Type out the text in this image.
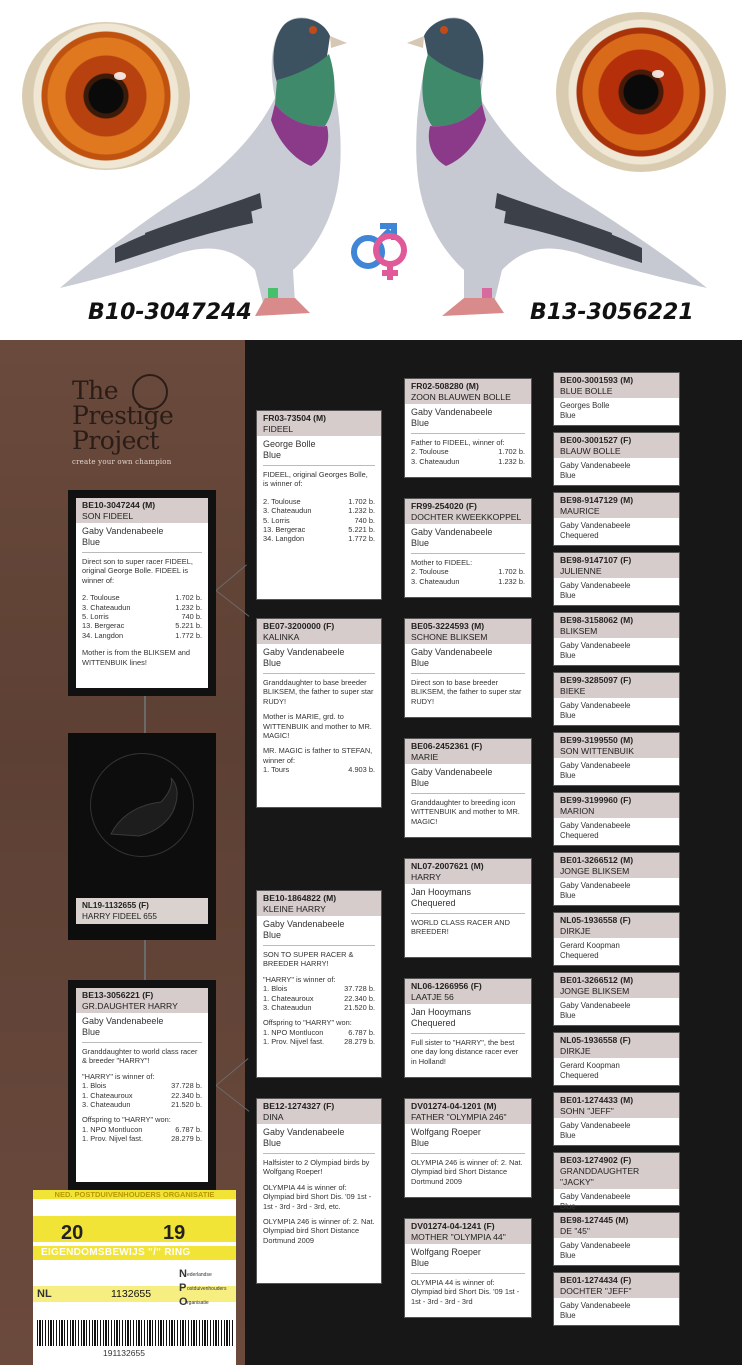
B10-3047244	B13-3056221
The
Prestige
Project
create your own champion
NL19-1132655 (F)
HARRY FIDEEL 655
BE10-3047244 (M)
SON FIDEEL
Gaby Vandenabeele
Blue
Direct son to super racer FIDEEL, original George Bolle. FIDEEL is winner of:
2. Toulouse	1.702 b.
3. Chateaudun	1.232 b.
5. Lorris	740 b.
13. Bergerac	5.221 b.
34. Langdon	1.772 b.
Mother is from the BLIKSEM and WITTENBUIK lines!
BE13-3056221 (F)
GR.DAUGHTER HARRY
Gaby Vandenabeele
Blue
Granddaughter to world class racer & breeder "HARRY"!
"HARRY" is winner of:
1. Blois	37.728 b.
1. Chateauroux	22.340 b.
3. Chateaudun	21.520 b.
Offspring to "HARRY" won:
1. NPO Montlucon	6.787 b.
1. Prov. Nijvel fast.	28.279 b.
FR03-73504 (M)
FIDEEL
George Bolle
Blue
FIDEEL, original Georges Bolle, is winner of:
2. Toulouse	1.702 b.
3. Chateaudun	1.232 b.
5. Lorris	740 b.
13. Bergerac	5.221 b.
34. Langdon	1.772 b.
BE07-3200000 (F)
KALINKA
Gaby Vandenabeele
Blue
Granddaughter to base breeder BLIKSEM, the father to super star RUDY!
Mother is MARIE, grd. to WITTENBUIK and mother to MR. MAGIC!
MR. MAGIC is father to STEFAN, winner of:
1. Tours	4.903 b.
BE10-1864822 (M)
KLEINE HARRY
Gaby Vandenabeele
Blue
SON TO SUPER RACER & BREEDER HARRY!
"HARRY" is winner of:
1. Blois	37.728 b.
1. Chateauroux	22.340 b.
3. Chateaudun	21.520 b.
Offspring to "HARRY" won:
1. NPO Montlucon	6.787 b.
1. Prov. Nijvel fast.	28.279 b.
BE12-1274327 (F)
DINA
Gaby Vandenabeele
Blue
Halfsister to 2 Olympiad birds by Wolfgang Roeper!
OLYMPIA 44 is winner of: Olympiad bird Short Dis. '09 1st - 1st - 3rd - 3rd - 3rd, etc.
OLYMPIA 246 is winner of: 2. Nat. Olympiad bird Short Distance Dortmund 2009
FR02-508280 (M)
ZOON BLAUWEN BOLLE
Gaby Vandenabeele
Blue
Father to FIDEEL, winner of:
2. Toulouse	1.702 b.
3. Chateaudun	1.232 b.
FR99-254020 (F)
DOCHTER KWEEKKOPPEL
Gaby Vandenabeele
Blue
Mother to FIDEEL:
2. Toulouse	1.702 b.
3. Chateaudun	1.232 b.
BE05-3224593 (M)
SCHONE BLIKSEM
Gaby Vandenabeele
Blue
Direct son to base breeder BLIKSEM, the father to super star RUDY!
BE06-2452361 (F)
MARIE
Gaby Vandenabeele
Blue
Granddaughter to breeding icon WITTENBUIK and mother to MR. MAGIC!
NL07-2007621 (M)
HARRY
Jan Hooymans
Chequered
WORLD CLASS RACER AND BREEDER!
NL06-1266956 (F)
LAATJE 56
Jan Hooymans
Chequered
Full sister to "HARRY", the best one day long distance racer ever in Holland!
DV01274-04-1201 (M)
FATHER "OLYMPIA 246"
Wolfgang Roeper
Blue
OLYMPIA 246 is winner of: 2. Nat. Olympiad bird Short Distance Dortmund 2009
DV01274-04-1241 (F)
MOTHER "OLYMPIA 44"
Wolfgang Roeper
Blue
OLYMPIA 44 is winner of: Olympiad bird Short Dis. '09 1st - 1st - 3rd - 3rd - 3rd
BE00-3001593 (M)
BLUE BOLLE
Georges Bolle
Blue
BE00-3001527 (F)
BLAUW BOLLE
Gaby Vandenabeele
Blue
BE98-9147129 (M)
MAURICE
Gaby Vandenabeele
Chequered
BE98-9147107 (F)
JULIENNE
Gaby Vandenabeele
Blue
BE98-3158062 (M)
BLIKSEM
Gaby Vandenabeele
Blue
BE99-3285097 (F)
BIEKE
Gaby Vandenabeele
Blue
BE99-3199550 (M)
SON WITTENBUIK
Gaby Vandenabeele
Blue
BE99-3199960 (F)
MARION
Gaby Vandenabeele
Chequered
BE01-3266512 (M)
JONGE BLIKSEM
Gaby Vandenabeele
Blue
NL05-1936558 (F)
DIRKJE
Gerard Koopman
Chequered
BE01-3266512 (M)
JONGE BLIKSEM
Gaby Vandenabeele
Blue
NL05-1936558 (F)
DIRKJE
Gerard Koopman
Chequered
BE01-1274433 (M)
SOHN "JEFF"
Gaby Vandenabeele
Blue
BE03-1274902 (F)
GRANDDAUGHTER "JACKY"
Gaby Vandenabeele
Blue
BE98-127445 (M)
DE "45"
Gaby Vandenabeele
Blue
BE01-1274434 (F)
DOCHTER "JEFF"
Gaby Vandenabeele
Blue
NED. POSTDUIVENHOUDERS ORGANISATIE
20	19
EIGENDOMSBEWIJS "/" RING
NL	1132655
N ederlandse
P ostduivenhouders
O rganisatie
191132655
